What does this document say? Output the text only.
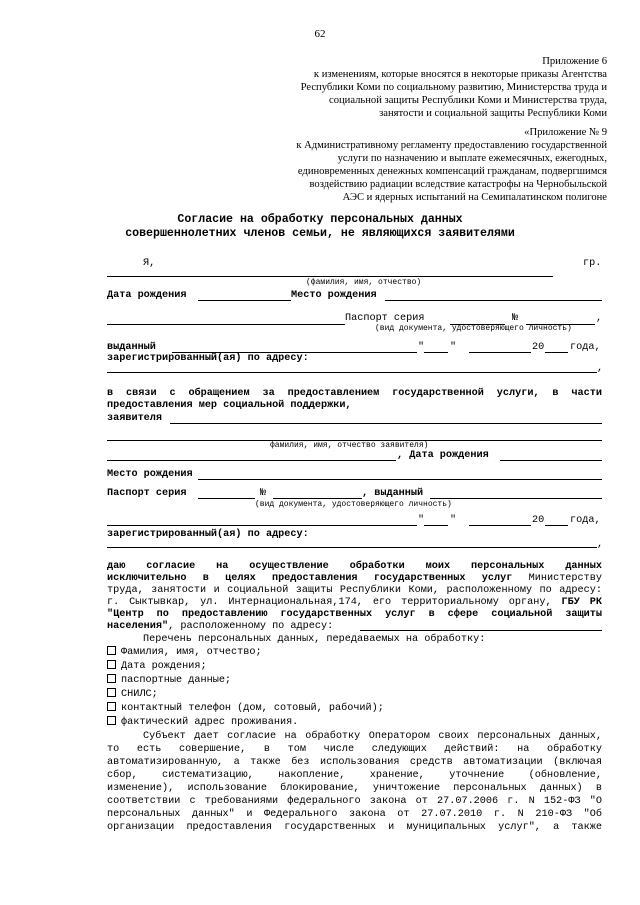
62
Приложение 6
к изменениям, которые вносятся в некоторые приказы Агентства
Республики Коми по социальному развитию, Министерства труда и
социальной защиты Республики Коми и Министерства труда,
занятости и социальной защиты Республики Коми
«Приложение № 9
к Административному регламенту предоставлению государственной
услуги по назначению и выплате ежемесячных, ежегодных,
единовременных денежных компенсаций гражданам, подвергшимся
воздействию радиации вследствие катастрофы на Чернобыльской
АЭС и ядерных испытаний на Семипалатинском полигоне
Согласие на обработку персональных данных
совершеннолетних членов семьи, не являющихся заявителями
Я,	гр.
(фамилия, имя, отчество)
Дата рождения	Место рождения
Паспорт серия	№	,
(вид документа, удостоверяющего личность)
выданный	"	"	20	года,
зарегистрированный(ая) по адресу:
,
в связи с обращением за предоставлением государственной услуги, в части
предоставления мер социальной поддержки,
заявителя
фамилия, имя, отчество заявителя)
, Дата рождения
Место рождения
Паспорт серия	№	, выданный
(вид документа, удостоверяющего личность)
"	"	20	года,
зарегистрированный(ая) по адресу:
,
даю согласие на осуществление обработки моих персональных данных
исключительно в целях предоставления государственных услуг Министерству
труда, занятости и социальной защиты Республики Коми, расположенному по адресу:
г. Сыктывкар, ул. Интернациональная,174, его территориальному органу, ГБУ РК
"Центр по предоставлению государственных услуг в сфере социальной защиты
населения", расположенному по адресу:
Перечень персональных данных, передаваемых на обработку:
Фамилия, имя, отчество;
Дата рождения;
паспортные данные;
СНИЛС;
контактный телефон (дом, сотовый, рабочий);
фактический адрес проживания.
Субъект дает согласие на обработку Оператором своих персональных данных,
то есть совершение, в том числе следующих действий: на обработку
автоматизированную, а также без использования средств автоматизации (включая
сбор, систематизацию, накопление, хранение, уточнение (обновление,
изменение), использование блокирование, уничтожение персональных данных) в
соответствии с требованиями федерального закона от 27.07.2006 г. N 152-ФЗ "О
персональных данных" и Федерального закона от 27.07.2010 г. N 210-ФЗ "Об
организации предоставления государственных и муниципальных услуг", а также
